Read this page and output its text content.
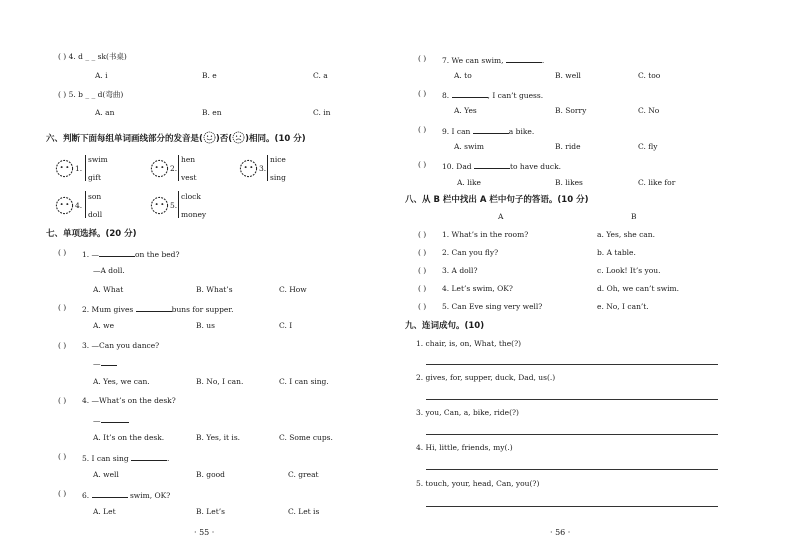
( ) 4. d _ _ sk(书桌)
A. i	B. e	C. a
( ) 5. b _ _ d(弯曲)
A. an	B. en	C. in
六、判断下面每组单词画线部分的发音是( )否( )相同。(10 分)
1.
swim
gift
2.
hen
vest
3.
nice
sing
4.
son
doll
5.
clock
money
七、单项选择。(20 分)
( ) 1. —	on the bed?
—A doll.
A. What	B. What’s	C. How
( ) 2. Mum gives	buns for supper.
A. we	B. us	C. I
( ) 3. —Can you dance?
—
A. Yes, we can.	B. No, I can.	C. I can sing.
( ) 4. —What’s on the desk?
—
A. It’s on the desk.	B. Yes, it is.	C. Some cups.
( ) 5. I can sing	.
A. well	B. good	C. great
( ) 6.	swim, OK?
A. Let	B. Let’s	C. Let is
· 55 ·
( ) 7. We can swim,	.
A. to	B. well	C. too
( ) 8.	, I can’t guess.
A. Yes	B. Sorry	C. No
( ) 9. I can	a bike.
A. swim	B. ride	C. fly
( ) 10. Dad	to have duck.
A. like	B. likes	C. like for
八、从 B 栏中找出 A 栏中句子的答语。(10 分)
A	B
( ) 1. What’s in the room?	a. Yes, she can.
( ) 2. Can you fly?	b. A table.
( ) 3. A doll?	c. Look! It’s you.
( ) 4. Let’s swim, OK?	d. Oh, we can’t swim.
( ) 5. Can Eve sing very well?	e. No, I can’t.
九、连词成句。(10)
1. chair, is, on, What, the(?)
2. gives, for, supper, duck, Dad, us(.)
3. you, Can, a, bike, ride(?)
4. Hi, little, friends, my(.)
5. touch, your, head, Can, you(?)
· 56 ·
